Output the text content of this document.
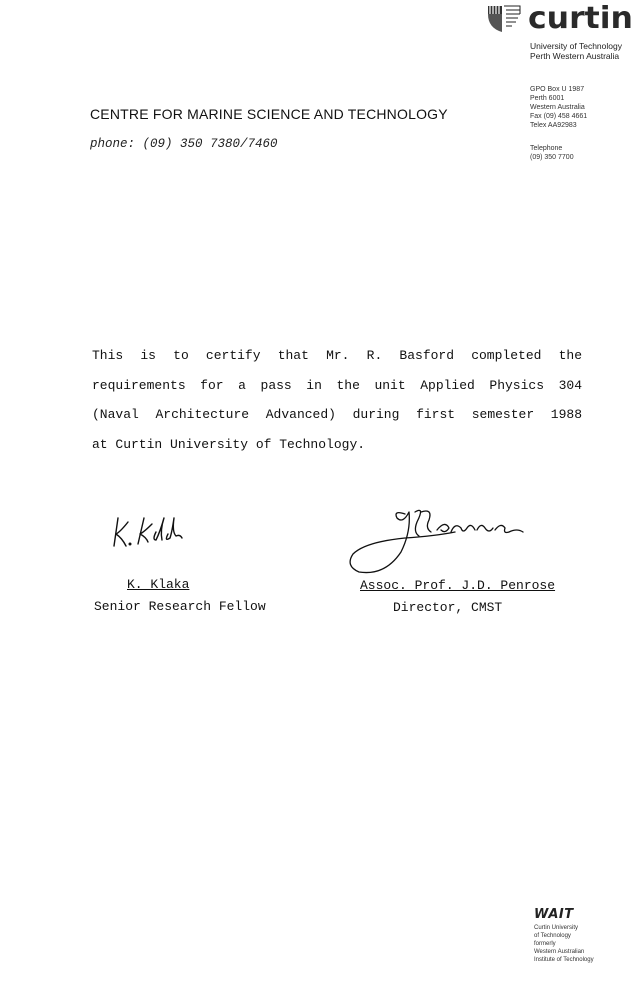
curtin
University of Technology
Perth Western Australia
GPO Box U 1987
Perth 6001
Western Australia
Fax (09) 458 4661
Telex AA92983
Telephone
(09) 350 7700
CENTRE FOR MARINE SCIENCE AND TECHNOLOGY
phone: (09) 350 7380/7460
This is to certify that Mr. R. Basford completed the
requirements for a pass in the unit Applied Physics 304
(Naval Architecture Advanced) during first semester 1988
at Curtin University of Technology.
K. Klaka
Senior Research Fellow
Assoc. Prof. J.D. Penrose
Director, CMST
WAIT
Curtin University
of Technology
formerly
Western Australian
Institute of Technology
